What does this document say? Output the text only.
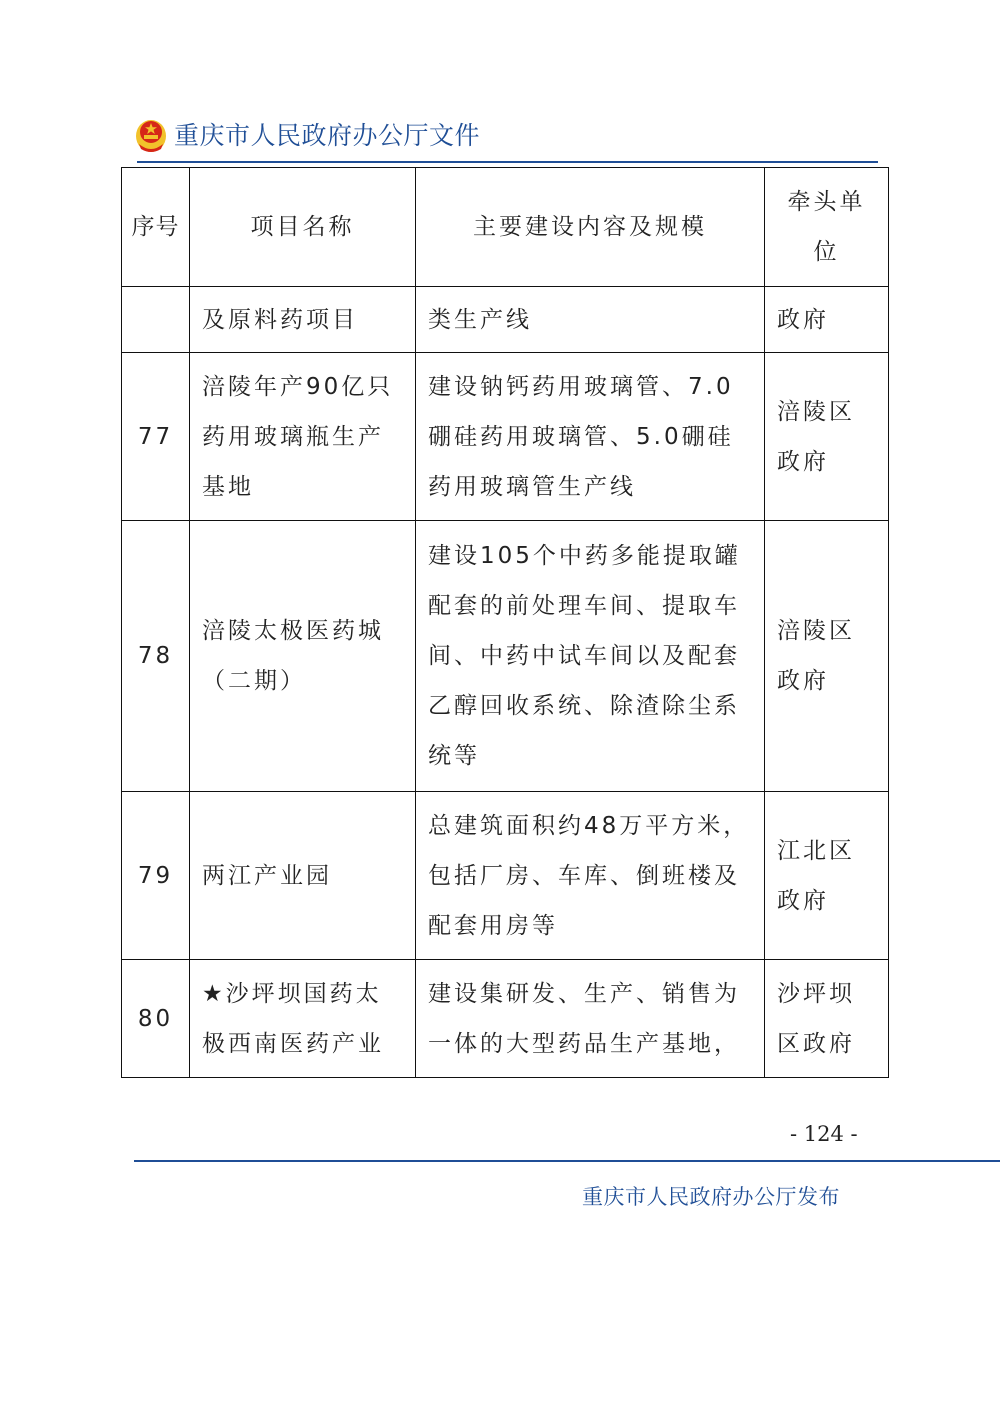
重庆市人民政府办公厅文件
序号	项目名称	主要建设内容及规模	牵头单
位

	及原料药项目	类生产线	政府

77	涪陵年产90亿只药用玻璃瓶生产基地	建设钠钙药用玻璃管、7.0硼硅药用玻璃管、5.0硼硅药用玻璃管生产线	涪陵区
政府

78	涪陵太极医药城（二期）	建设105个中药多能提取罐配套的前处理车间、提取车间、中药中试车间以及配套乙醇回收系统、除渣除尘系统等	涪陵区
政府

79	两江产业园	总建筑面积约48万平方米，包括厂房、车库、倒班楼及配套用房等	江北区
政府

80	★沙坪坝国药太极西南医药产业	建设集研发、生产、销售为一体的大型药品生产基地，	沙坪坝
区政府
- 124 -
重庆市人民政府办公厅发布
